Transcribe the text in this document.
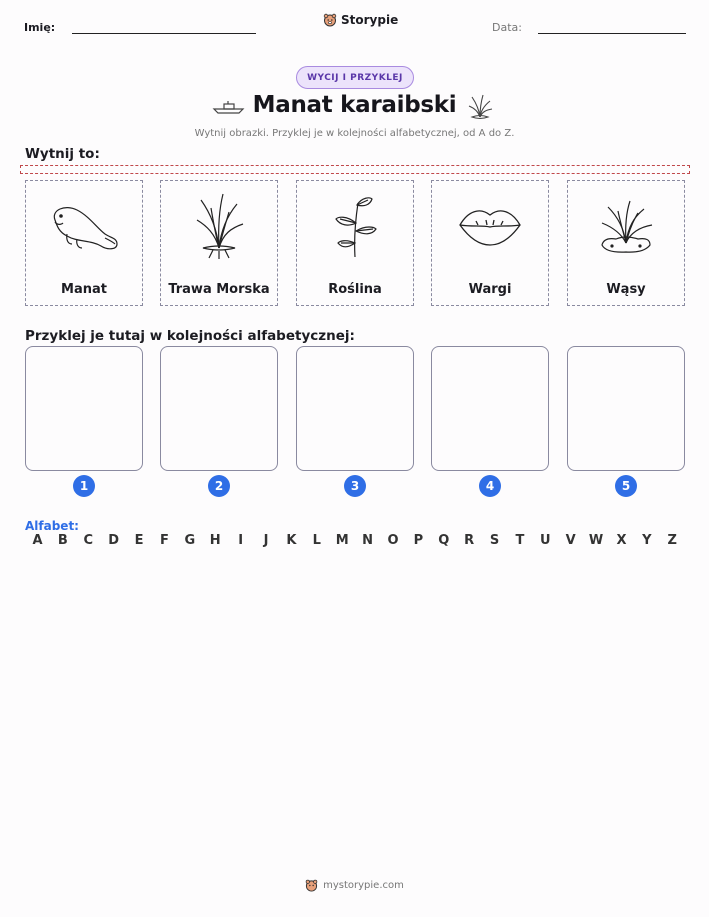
Imię:
Storypie
Data:
WYCIJ I PRZYKLEJ
Manat karaibski
Wytnij obrazki. Przyklej je w kolejności alfabetycznej, od A do Z.
Wytnij to:
Manat	Trawa Morska	Roślina	Wargi	Wąsy
Przyklej je tutaj w kolejności alfabetycznej:
1	2	3	4	5
Alfabet:
A	B	C	D	E	F	G	H	I	J	K	L	M	N	O	P	Q	R	S	T	U	V	W	X	Y	Z
mystorypie.com
